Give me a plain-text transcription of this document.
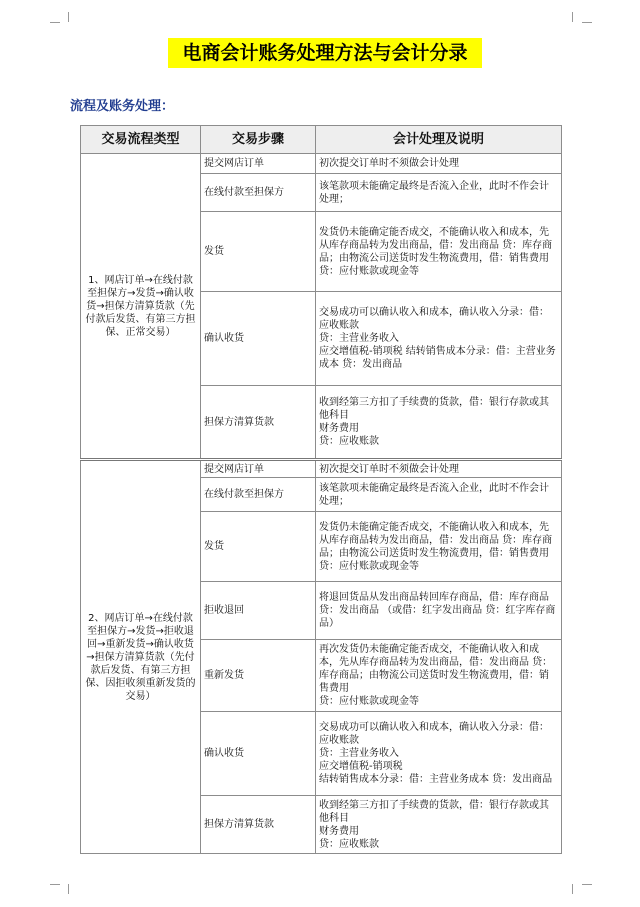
电商会计账务处理方法与会计分录
流程及账务处理：
交易流程类型	交易步骤	会计处理及说明
1、网店订单→在线付款至担保方→发货→确认收货→担保方清算货款（先付款后发货、有第三方担保、正常交易）	提交网店订单	初次提交订单时不须做会计处理
	在线付款至担保方	该笔款项未能确定最终是否流入企业，此时不作会计处理；
	发货	发货仍未能确定能否成交，不能确认收入和成本，先从库存商品转为发出商品，借：发出商品 贷：库存商品；由物流公司送货时发生物流费用，借：销售费用贷：应付账款或现金等
	确认收货	交易成功可以确认收入和成本，确认收入分录：借：应收账款
贷：主营业务收入
应交增值税-销项税 结转销售成本分录：借：主营业务成本 贷：发出商品
	担保方清算货款	收到经第三方扣了手续费的货款，借：银行存款或其他科目
财务费用
贷：应收账款
2、网店订单→在线付款至担保方→发货→拒收退回→重新发货→确认收货→担保方清算货款（先付款后发货、有第三方担保、因拒收须重新发货的交易）	提交网店订单	初次提交订单时不须做会计处理
	在线付款至担保方	该笔款项未能确定最终是否流入企业，此时不作会计处理；
	发货	发货仍未能确定能否成交，不能确认收入和成本，先从库存商品转为发出商品，借：发出商品 贷：库存商品；由物流公司送货时发生物流费用，借：销售费用
贷：应付账款或现金等
	拒收退回	将退回货品从发出商品转回库存商品，借：库存商品
贷：发出商品 （或借：红字发出商品 贷：红字库存商品）
	重新发货	再次发货仍未能确定能否成交，不能确认收入和成本，先从库存商品转为发出商品，借：发出商品 贷：库存商品；由物流公司送货时发生物流费用，借：销售费用
贷：应付账款或现金等
	确认收货	交易成功可以确认收入和成本，确认收入分录：借：应收账款
贷：主营业务收入
应交增值税-销项税
结转销售成本分录：借：主营业务成本 贷：发出商品
	担保方清算货款	收到经第三方扣了手续费的货款，借：银行存款或其他科目
财务费用
贷：应收账款
